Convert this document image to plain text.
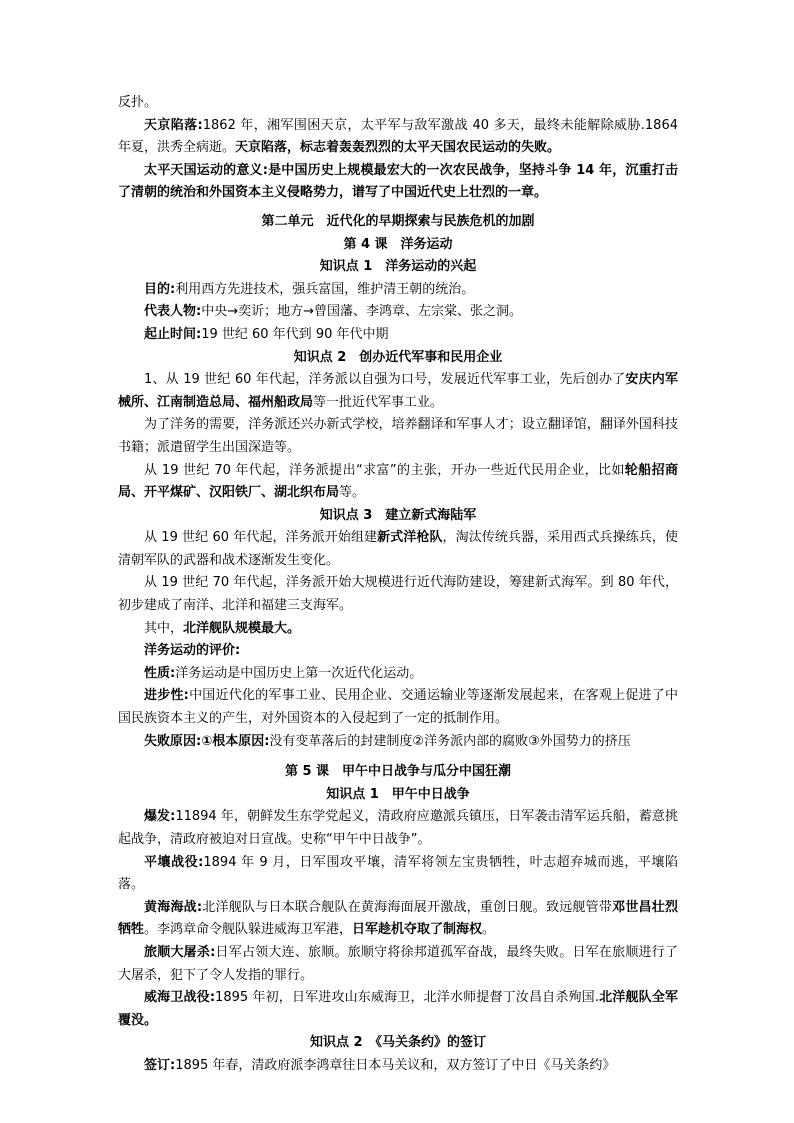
反扑。

天京陷落:1862 年，湘军围困天京，太平军与敌军激战 40 多天，最终未能解除威胁.1864 年夏，洪秀全病逝。天京陷落，标志着轰轰烈烈的太平天国农民运动的失败。

太平天国运动的意义:是中国历史上规模最宏大的一次农民战争，坚持斗争 14 年，沉重打击了清朝的统治和外国资本主义侵略势力，谱写了中国近代史上壮烈的一章。

第二单元　近代化的早期探索与民族危机的加剧

第 4 课　洋务运动

知识点 1　洋务运动的兴起

目的:利用西方先进技术，强兵富国，维护清王朝的统治。

代表人物:中央→奕䜣；地方→曾国藩、李鸿章、左宗棠、张之洞。

起止时间:19 世纪 60 年代到 90 年代中期

知识点 2　创办近代军事和民用企业

1、从 19 世纪 60 年代起，洋务派以自强为口号，发展近代军事工业，先后创办了安庆内军械所、江南制造总局、福州船政局等一批近代军事工业。

为了洋务的需要，洋务派还兴办新式学校，培养翻译和军事人才；设立翻译馆，翻译外国科技书籍；派遣留学生出国深造等。

从 19 世纪 70 年代起，洋务派提出“求富”的主张，开办一些近代民用企业，比如轮船招商局、开平煤矿、汉阳铁厂、湖北织布局等。

知识点 3　建立新式海陆军

从 19 世纪 60 年代起，洋务派开始组建新式洋枪队，淘汰传统兵器，采用西式兵操练兵，使清朝军队的武器和战术逐渐发生变化。

从 19 世纪 70 年代起，洋务派开始大规模进行近代海防建设，筹建新式海军。到 80 年代，初步建成了南洋、北洋和福建三支海军。

其中，北洋舰队规模最大。

洋务运动的评价:

性质:洋务运动是中国历史上第一次近代化运动。

进步性:中国近代化的军事工业、民用企业、交通运输业等逐渐发展起来，在客观上促进了中国民族资本主义的产生，对外国资本的入侵起到了一定的抵制作用。

失败原因:①根本原因:没有变革落后的封建制度②洋务派内部的腐败③外国势力的挤压

第 5 课　甲午中日战争与瓜分中国狂潮

知识点 1　甲午中日战争

爆发:11894 年，朝鲜发生东学党起义，清政府应邀派兵镇压，日军袭击清军运兵船，蓄意挑起战争，清政府被迫对日宣战。史称“甲午中日战争”。

平壤战役:1894 年 9 月，日军围攻平壤，清军将领左宝贵牺牲，叶志超弃城而逃，平壤陷落。

黄海海战:北洋舰队与日本联合舰队在黄海海面展开激战，重创日舰。致远舰管带邓世昌壮烈牺牲。李鸿章命令舰队躲进威海卫军港，日军趁机夺取了制海权。

旅顺大屠杀:日军占领大连、旅顺。旅顺守将徐邦道孤军奋战，最终失败。日军在旅顺进行了大屠杀，犯下了令人发指的罪行。

威海卫战役:1895 年初，日军进攻山东威海卫，北洋水师提督丁汝昌自杀殉国.北洋舰队全军覆没。

知识点 2　《马关条约》的签订

签订:1895 年春，清政府派李鸿章往日本马关议和，双方签订了中日《马关条约》
